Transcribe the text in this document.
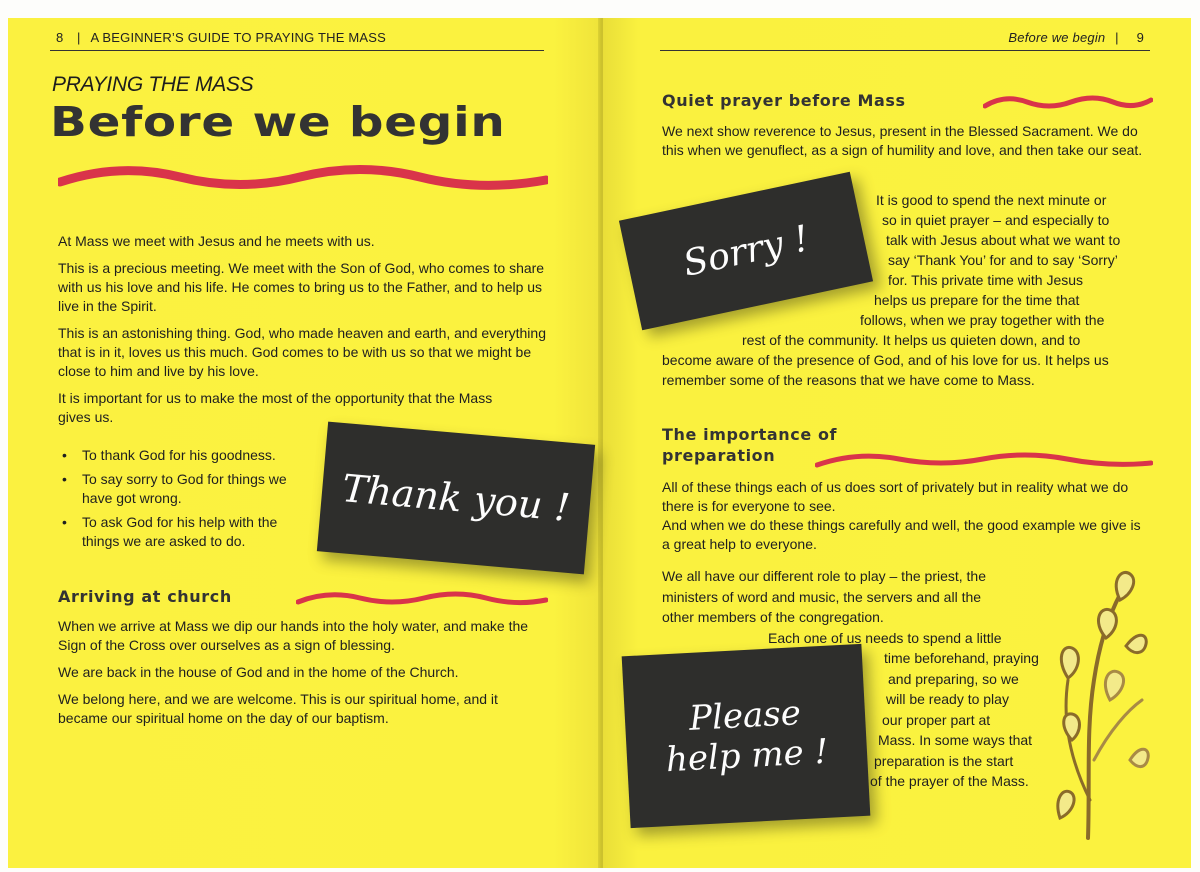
8  | A BEGINNER’S GUIDE TO PRAYING THE MASS
PRAYING THE MASS
Before we begin

At Mass we meet with Jesus and he meets with us.

This is a precious meeting. We meet with the Son of God, who comes to share with us his love and his life. He comes to bring us to the Father, and to help us live in the Spirit.

This is an astonishing thing. God, who made heaven and earth, and everything that is in it, loves us this much. God comes to be with us so that we might be close to him and live by his love.

It is important for us to make the most of the opportunity that the Mass gives us.

• To thank God for his goodness.
• To say sorry to God for things we have got wrong.
• To ask God for his help with the things we are asked to do.
Thank you !
Arriving at church

When we arrive at Mass we dip our hands into the holy water, and make the Sign of the Cross over ourselves as a sign of blessing.

We are back in the house of God and in the home of the Church.

We belong here, and we are welcome. This is our spiritual home, and it became our spiritual home on the day of our baptism.

Before we begin | 9
Quiet prayer before Mass
We next show reverence to Jesus, present in the Blessed Sacrament. We do this when we genuflect, as a sign of humility and love, and then take our seat.
Sorry !
It is good to spend the next minute or
so in quiet prayer – and especially to
talk with Jesus about what we want to
say ‘Thank You’ for and to say ‘Sorry’
for. This private time with Jesus
helps us prepare for the time that
follows, when we pray together with the
rest of the community. It helps us quieten down, and to
become aware of the presence of God, and of his love for us. It helps us
remember some of the reasons that we have come to Mass.
The importance of
preparation

All of these things each of us does sort of privately but in reality what we do there is for everyone to see.

And when we do these things carefully and well, the good example we give is a great help to everyone.

Please
help me !
We all have our different role to play – the priest, the
ministers of word and music, the servers and all the
other members of the congregation.
Each one of us needs to spend a little
time beforehand, praying
and preparing, so we
will be ready to play
our proper part at
Mass. In some ways that
preparation is the start
of the prayer of the Mass.
